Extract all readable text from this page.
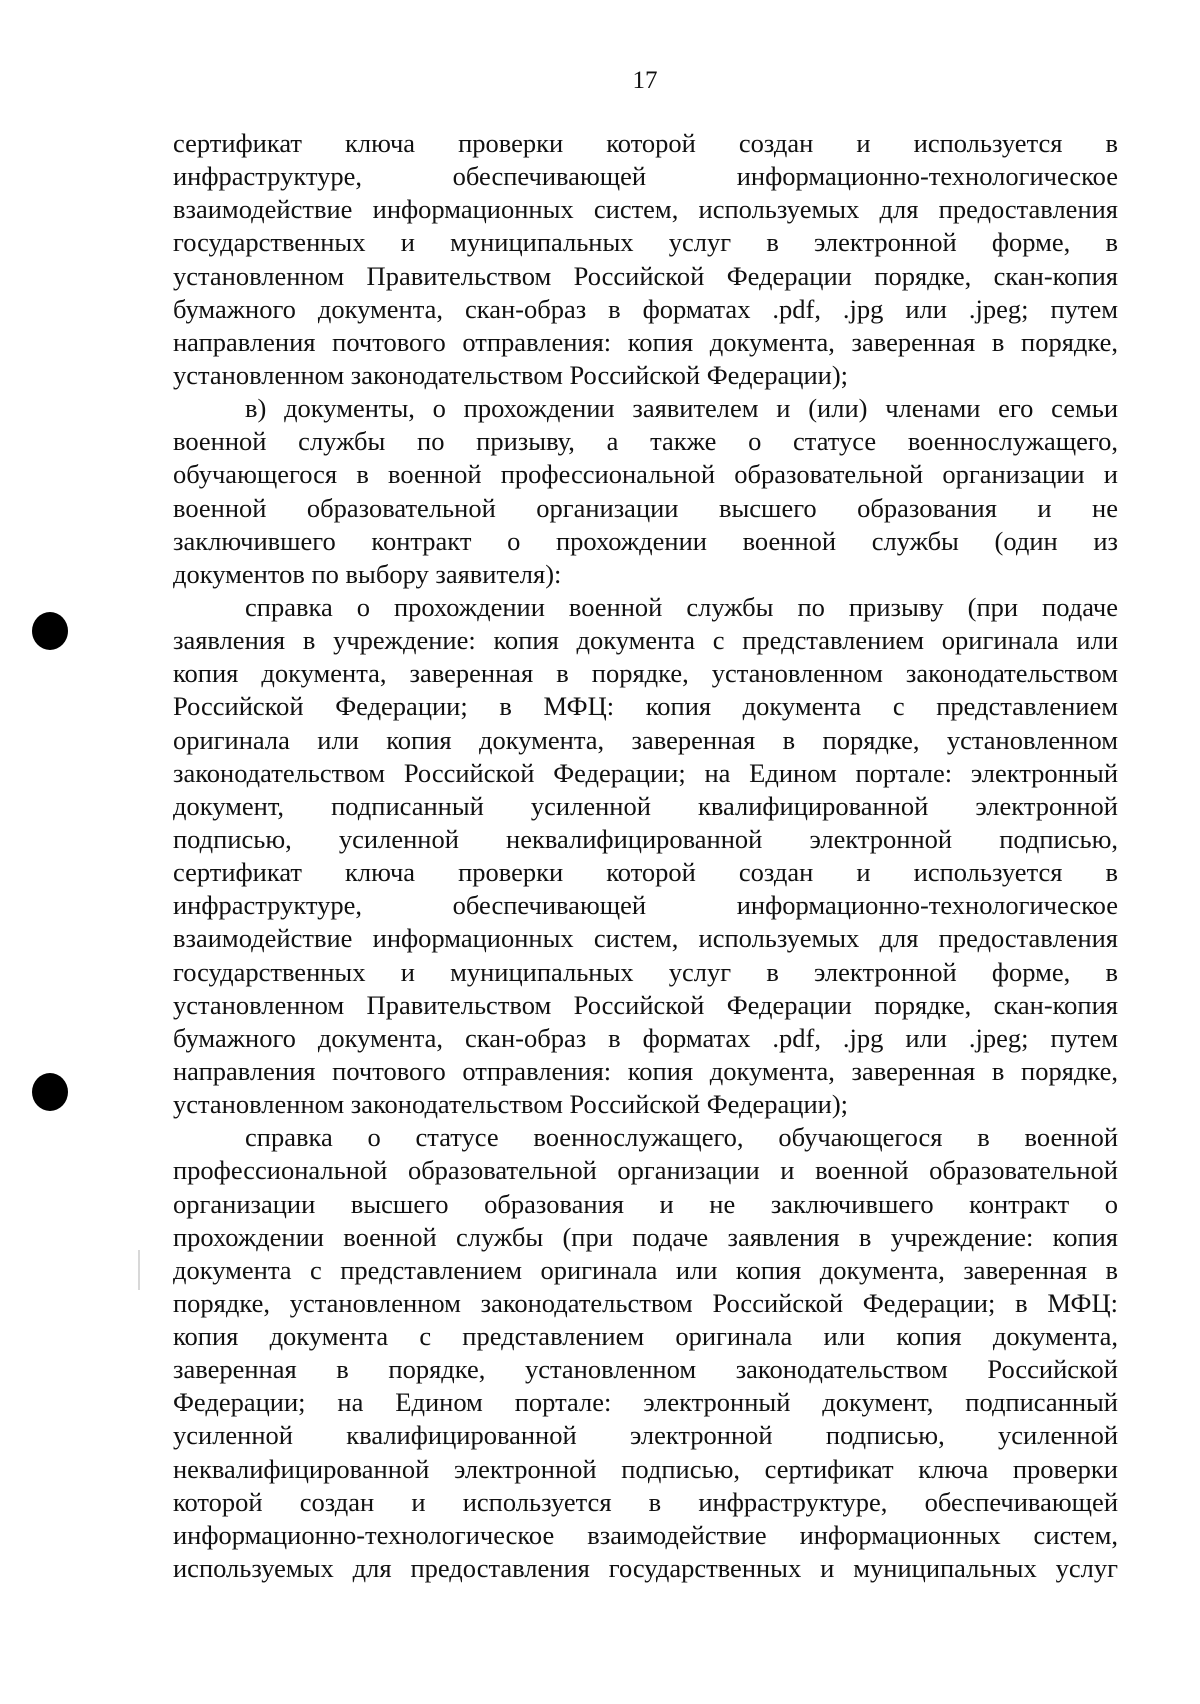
17
сертификат ключа проверки которой создан и используется в
инфраструктуре, обеспечивающей информационно-технологическое
взаимодействие информационных систем, используемых для предоставления
государственных и муниципальных услуг в электронной форме, в
установленном Правительством Российской Федерации порядке, скан-копия
бумажного документа, скан-образ в форматах .pdf, .jpg или .jpeg; путем
направления почтового отправления: копия документа, заверенная в порядке,
установленном законодательством Российской Федерации);
в) документы, о прохождении заявителем и (или) членами его семьи
военной службы по призыву, а также о статусе военнослужащего,
обучающегося в военной профессиональной образовательной организации и
военной образовательной организации высшего образования и не
заключившего контракт о прохождении военной службы (один из
документов по выбору заявителя):
справка о прохождении военной службы по призыву (при подаче
заявления в учреждение: копия документа с представлением оригинала или
копия документа, заверенная в порядке, установленном законодательством
Российской Федерации; в МФЦ: копия документа с представлением
оригинала или копия документа, заверенная в порядке, установленном
законодательством Российской Федерации; на Едином портале: электронный
документ, подписанный усиленной квалифицированной электронной
подписью, усиленной неквалифицированной электронной подписью,
сертификат ключа проверки которой создан и используется в
инфраструктуре, обеспечивающей информационно-технологическое
взаимодействие информационных систем, используемых для предоставления
государственных и муниципальных услуг в электронной форме, в
установленном Правительством Российской Федерации порядке, скан-копия
бумажного документа, скан-образ в форматах .pdf, .jpg или .jpeg; путем
направления почтового отправления: копия документа, заверенная в порядке,
установленном законодательством Российской Федерации);
справка о статусе военнослужащего, обучающегося в военной
профессиональной образовательной организации и военной образовательной
организации высшего образования и не заключившего контракт о
прохождении военной службы (при подаче заявления в учреждение: копия
документа с представлением оригинала или копия документа, заверенная в
порядке, установленном законодательством Российской Федерации; в МФЦ:
копия документа с представлением оригинала или копия документа,
заверенная в порядке, установленном законодательством Российской
Федерации; на Едином портале: электронный документ, подписанный
усиленной квалифицированной электронной подписью, усиленной
неквалифицированной электронной подписью, сертификат ключа проверки
которой создан и используется в инфраструктуре, обеспечивающей
информационно-технологическое взаимодействие информационных систем,
используемых для предоставления государственных и муниципальных услуг
